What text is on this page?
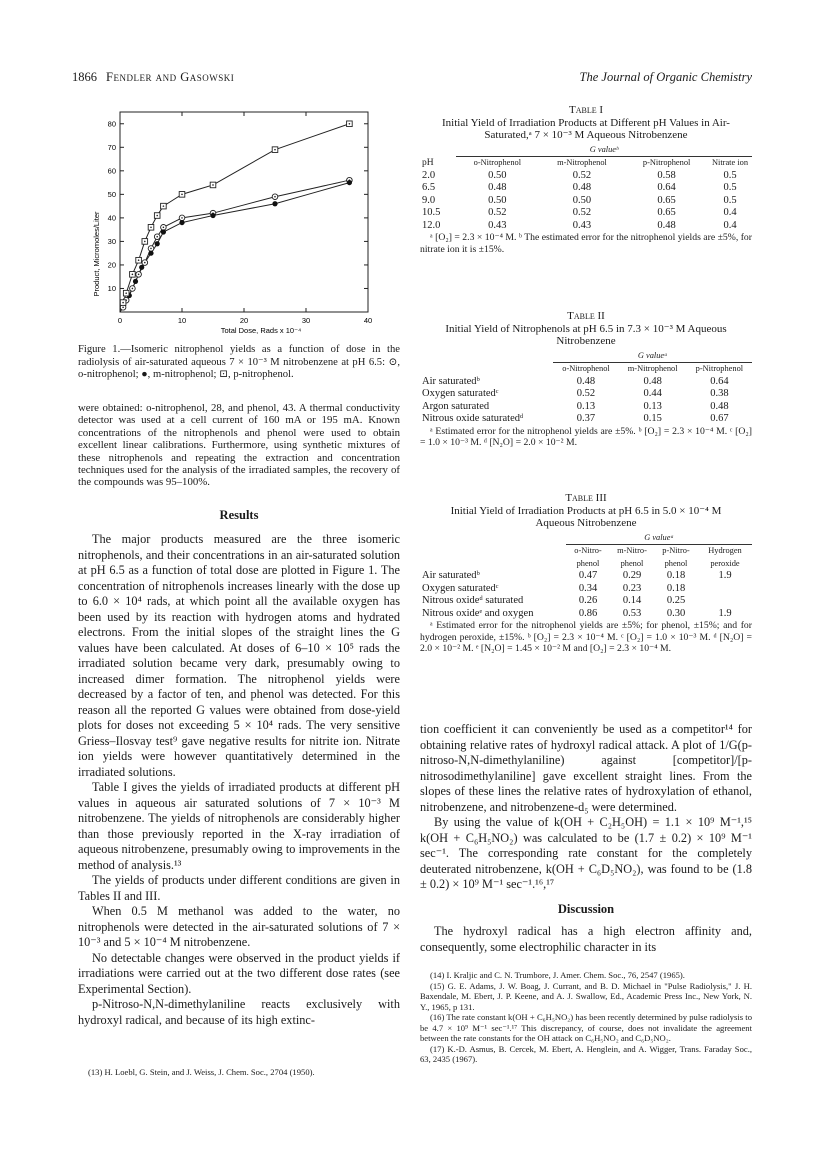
1866 Fendler and Gasowski	The Journal of Organic Chemistry
0	10	20	30	40
10
20
30
40
50
60
70
80
Product, Micromoles/Liter
Total Dose, Rads x 10⁻⁴
Figure 1.—Isomeric nitrophenol yields as a function of dose in the radiolysis of air-saturated aqueous 7 × 10⁻³ M nitrobenzene at pH 6.5: ⊙, o-nitrophenol; ●, m-nitrophenol; ⊡, p-nitrophenol.

were obtained: o-nitrophenol, 28, and phenol, 43. A thermal conductivity detector was used at a cell current of 160 mA or 195 mA. Known concentrations of the nitrophenols and phenol were used to obtain excellent linear calibrations. Furthermore, using synthetic mixtures of these nitrophenols and repeating the extraction and concentration techniques used for the analysis of the irradiated samples, the recovery of the compounds was 95–100%.

Results

The major products measured are the three isomeric nitrophenols, and their concentrations in an air-saturated solution at pH 6.5 as a function of total dose are plotted in Figure 1. The concentration of nitrophenols increases linearly with the dose up to 6.0 × 10⁴ rads, at which point all the available oxygen has been used by its reaction with hydrogen atoms and hydrated electrons. From the initial slopes of the straight lines the G values have been calculated. At doses of 6–10 × 10⁵ rads the irradiated solution became very dark, presumably owing to increased dimer formation. The nitrophenol yields were decreased by a factor of ten, and phenol was detected. For this reason all the reported G values were obtained from dose-yield plots for doses not exceeding 5 × 10⁴ rads. The very sensitive Griess–Ilosvay test⁹ gave negative results for nitrite ion. Nitrate ion yields were however quantitatively determined in the irradiated solutions.

Table I gives the yields of irradiated products at different pH values in aqueous air saturated solutions of 7 × 10⁻³ M nitrobenzene. The yields of nitrophenols are considerably higher than those previously reported in the X-ray irradiation of aqueous nitrobenzene, presumably owing to improvements in the method of analysis.¹³

The yields of products under different conditions are given in Tables II and III.

When 0.5 M methanol was added to the water, no nitrophenols were detected in the air-saturated solutions of 7 × 10⁻³ and 5 × 10⁻⁴ M nitrobenzene.

No detectable changes were observed in the product yields if irradiations were carried out at the two different dose rates (see Experimental Section).

p-Nitroso-N,N-dimethylaniline reacts exclusively with hydroxyl radical, and because of its high extinc-

(13) H. Loebl, G. Stein, and J. Weiss, J. Chem. Soc., 2704 (1950).

Table I
Initial Yield of Irradiation Products at Different pH Values in Air-Saturated,ᵃ 7 × 10⁻³ M Aqueous Nitrobenzene
	G valueᵇ			
pH	o-Nitrophenol	m-Nitrophenol	p-Nitrophenol	Nitrate ion
2.0	0.50	0.52	0.58	0.5
6.5	0.48	0.48	0.64	0.5
9.0	0.50	0.50	0.65	0.5
10.5	0.52	0.52	0.65	0.4
12.0	0.43	0.43	0.48	0.4

ᵃ [O₂] = 2.3 × 10⁻⁴ M. ᵇ The estimated error for the nitrophenol yields are ±5%, for nitrate ion it is ±15%.

Table II
Initial Yield of Nitrophenols at pH 6.5 in 7.3 × 10⁻³ M Aqueous Nitrobenzene
	G valueᵃ		
	o-Nitrophenol	m-Nitrophenol	p-Nitrophenol
Air saturatedᵇ	0.48	0.48	0.64
Oxygen saturatedᶜ	0.52	0.44	0.38
Argon saturated	0.13	0.13	0.48
Nitrous oxide saturatedᵈ	0.37	0.15	0.67

ᵃ Estimated error for the nitrophenol yields are ±5%. ᵇ [O₂] = 2.3 × 10⁻⁴ M. ᶜ [O₂] = 1.0 × 10⁻³ M. ᵈ [N₂O] = 2.0 × 10⁻² M.

Table III
Initial Yield of Irradiation Products at pH 6.5 in 5.0 × 10⁻⁴ M Aqueous Nitrobenzene
	G valueᵃ			
	o-Nitro-phenol	m-Nitro-phenol	p-Nitro-phenol	Hydrogen peroxide
Air saturatedᵇ	0.47	0.29	0.18	1.9
Oxygen saturatedᶜ	0.34	0.23	0.18	
Nitrous oxideᵈ saturated	0.26	0.14	0.25	
Nitrous oxideᵉ and oxygen	0.86	0.53	0.30	1.9

ᵃ Estimated error for the nitrophenol yields are ±5%; for phenol, ±15%; and for hydrogen peroxide, ±15%. ᵇ [O₂] = 2.3 × 10⁻⁴ M. ᶜ [O₂] = 1.0 × 10⁻³ M. ᵈ [N₂O] = 2.0 × 10⁻² M. ᵉ [N₂O] = 1.45 × 10⁻² M and [O₂] = 2.3 × 10⁻⁴ M.

tion coefficient it can conveniently be used as a competitor¹⁴ for obtaining relative rates of hydroxyl radical attack. A plot of 1/G(p-nitroso-N,N-dimethylaniline) against [competitor]/[p-nitrosodimethylaniline] gave excellent straight lines. From the slopes of these lines the relative rates of hydroxylation of ethanol, nitrobenzene, and nitrobenzene-d₅ were determined.

By using the value of k(OH + C₂H₅OH) = 1.1 × 10⁹ M⁻¹,¹⁵ k(OH + C₆H₅NO₂) was calculated to be (1.7 ± 0.2) × 10⁹ M⁻¹ sec⁻¹. The corresponding rate constant for the completely deuterated nitrobenzene, k(OH + C₆D₅NO₂), was found to be (1.8 ± 0.2) × 10⁹ M⁻¹ sec⁻¹.¹⁶,¹⁷

Discussion

The hydroxyl radical has a high electron affinity and, consequently, some electrophilic character in its

(14) I. Kraljic and C. N. Trumbore, J. Amer. Chem. Soc., 76, 2547 (1965).

(15) G. E. Adams, J. W. Boag, J. Currant, and B. D. Michael in "Pulse Radiolysis," J. H. Baxendale, M. Ebert, J. P. Keene, and A. J. Swallow, Ed., Academic Press Inc., New York, N. Y., 1965, p 131.

(16) The rate constant k(OH + C₆H₅NO₂) has been recently determined by pulse radiolysis to be 4.7 × 10⁹ M⁻¹ sec⁻¹.¹⁷ This discrepancy, of course, does not invalidate the agreement between the rate constants for the OH attack on C₆H₅NO₂ and C₆D₅NO₂.

(17) K.-D. Asmus, B. Cercek, M. Ebert, A. Henglein, and A. Wigger, Trans. Faraday Soc., 63, 2435 (1967).
